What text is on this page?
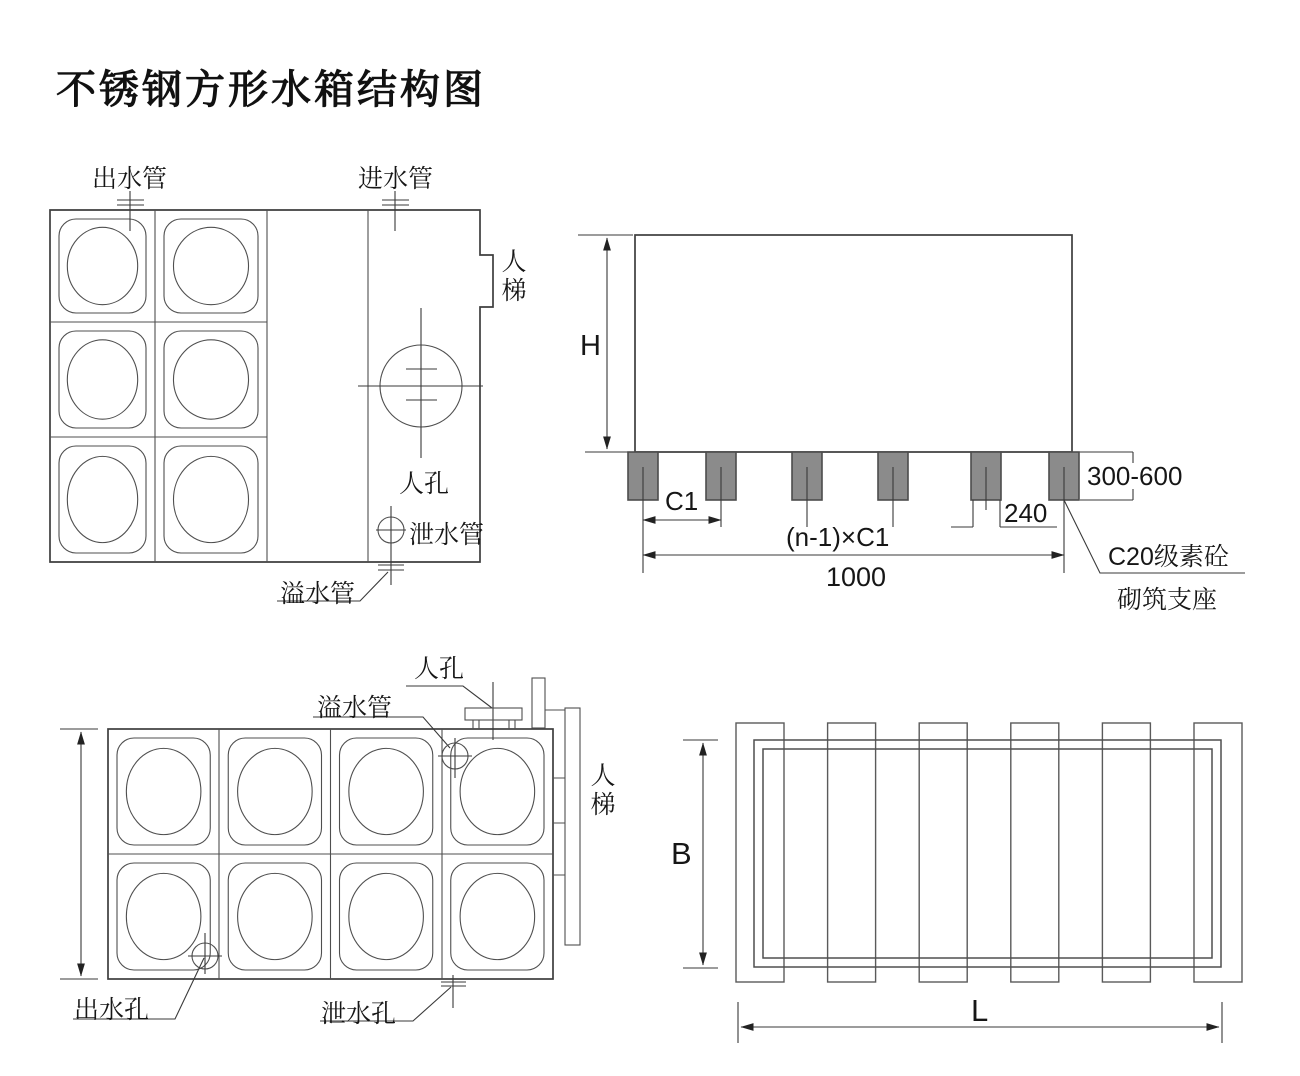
不锈钢方形水箱结构图
出水管	进水管
人梯
人孔
泄水管
溢水管
H
C1
(n-1)×C1
1000
240
300-600
C20级素砼
砌筑支座
人孔
溢水管
人梯
出水孔	泄水孔
B
L
